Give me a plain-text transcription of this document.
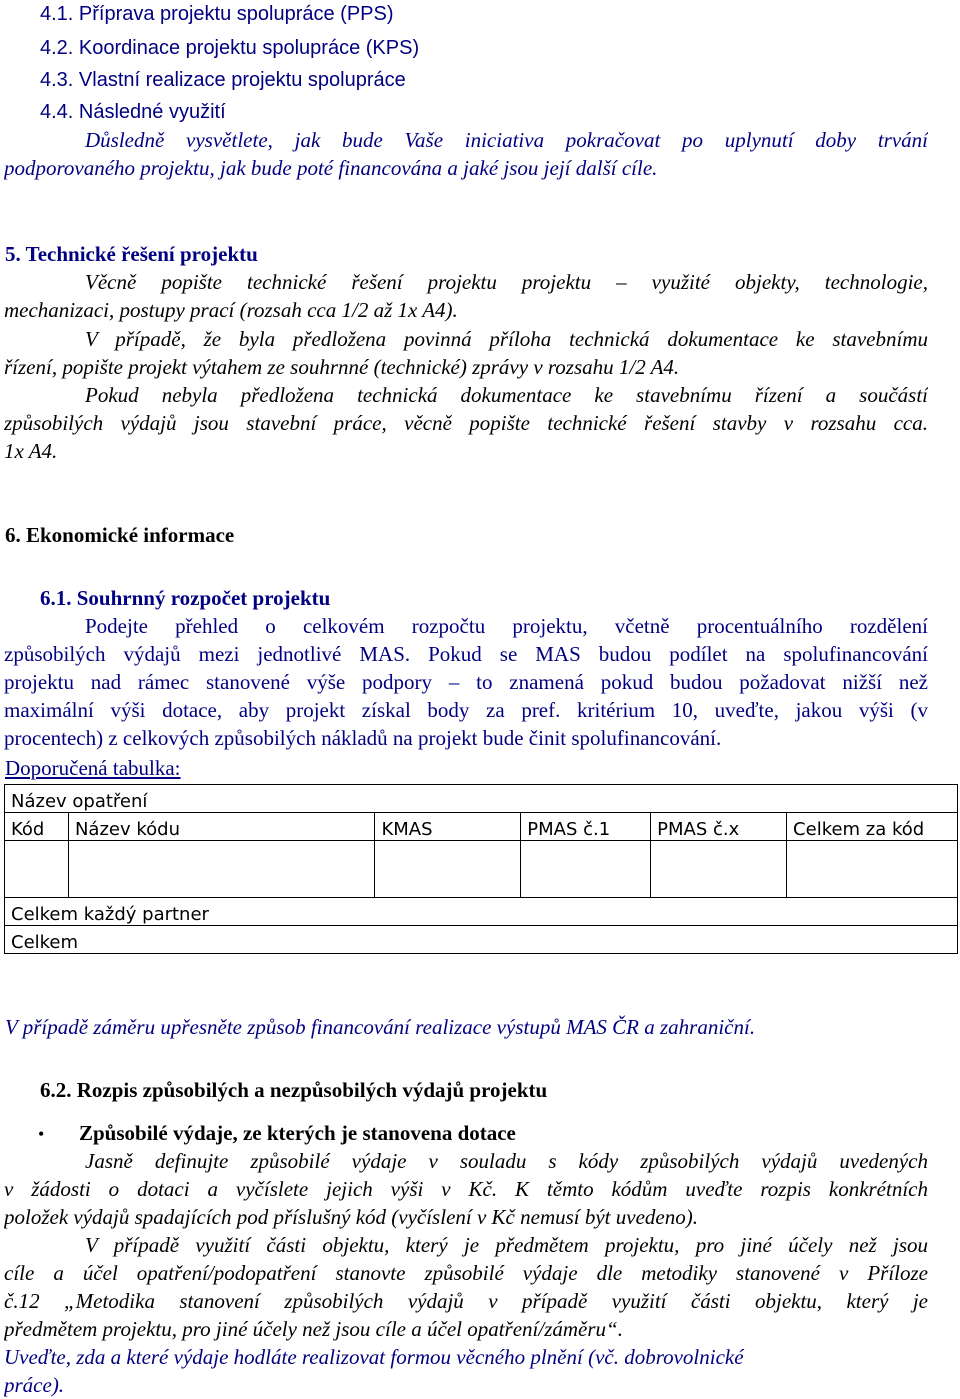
4.1. Příprava projektu spolupráce (PPS)
4.2. Koordinace projektu spolupráce (KPS)
4.3. Vlastní realizace projektu spolupráce
4.4. Následné využití
Důsledně vysvětlete, jak bude Vaše iniciativa pokračovat po uplynutí doby trvání
podporovaného projektu, jak bude poté financována a jaké jsou její další cíle.
5. Technické řešení projektu
Věcně popište technické řešení projektu projektu – využité objekty, technologie,
mechanizaci, postupy prací (rozsah cca 1/2 až 1x A4).
V případě, že byla předložena povinná příloha technická dokumentace ke stavebnímu
řízení, popište projekt výtahem ze souhrnné (technické) zprávy v rozsahu 1/2 A4.
Pokud nebyla předložena technická dokumentace ke stavebnímu řízení a součástí
způsobilých výdajů jsou stavební práce, věcně popište technické řešení stavby v rozsahu cca.
1x A4.
6. Ekonomické informace
6.1. Souhrnný rozpočet projektu
Podejte přehled o celkovém rozpočtu projektu, včetně procentuálního rozdělení
způsobilých výdajů mezi jednotlivé MAS. Pokud se MAS budou podílet na spolufinancování
projektu nad rámec stanovené výše podpory – to znamená pokud budou požadovat nižší než
maximální výši dotace, aby projekt získal body za pref. kritérium 10, uveďte, jakou výši (v
procentech) z celkových způsobilých nákladů na projekt bude činit spolufinancování.
Doporučená tabulka:
Název opatření					
Kód	Název kódu	KMAS	PMAS č.1	PMAS č.x	Celkem za kód

Celkem každý partner					
Celkem					
V případě záměru upřesněte způsob financování realizace výstupů MAS ČR a zahraniční.
6.2. Rozpis způsobilých a nezpůsobilých výdajů projektu
• Způsobilé výdaje, ze kterých je stanovena dotace
Jasně definujte způsobilé výdaje v souladu s kódy způsobilých výdajů uvedených
v žádosti o dotaci a vyčíslete jejich výši v Kč. K těmto kódům uveďte rozpis konkrétních
položek výdajů spadajících pod příslušný kód (vyčíslení v Kč nemusí být uvedeno).
V případě využití části objektu, který je předmětem projektu, pro jiné účely než jsou
cíle a účel opatření/podopatření stanovte způsobilé výdaje dle metodiky stanovené v Příloze
č.12 „Metodika stanovení způsobilých výdajů v případě využití části objektu, který je
předmětem projektu, pro jiné účely než jsou cíle a účel opatření/záměru“.
Uveďte, zda a které výdaje hodláte realizovat formou věcného plnění (vč. dobrovolnické
práce).
